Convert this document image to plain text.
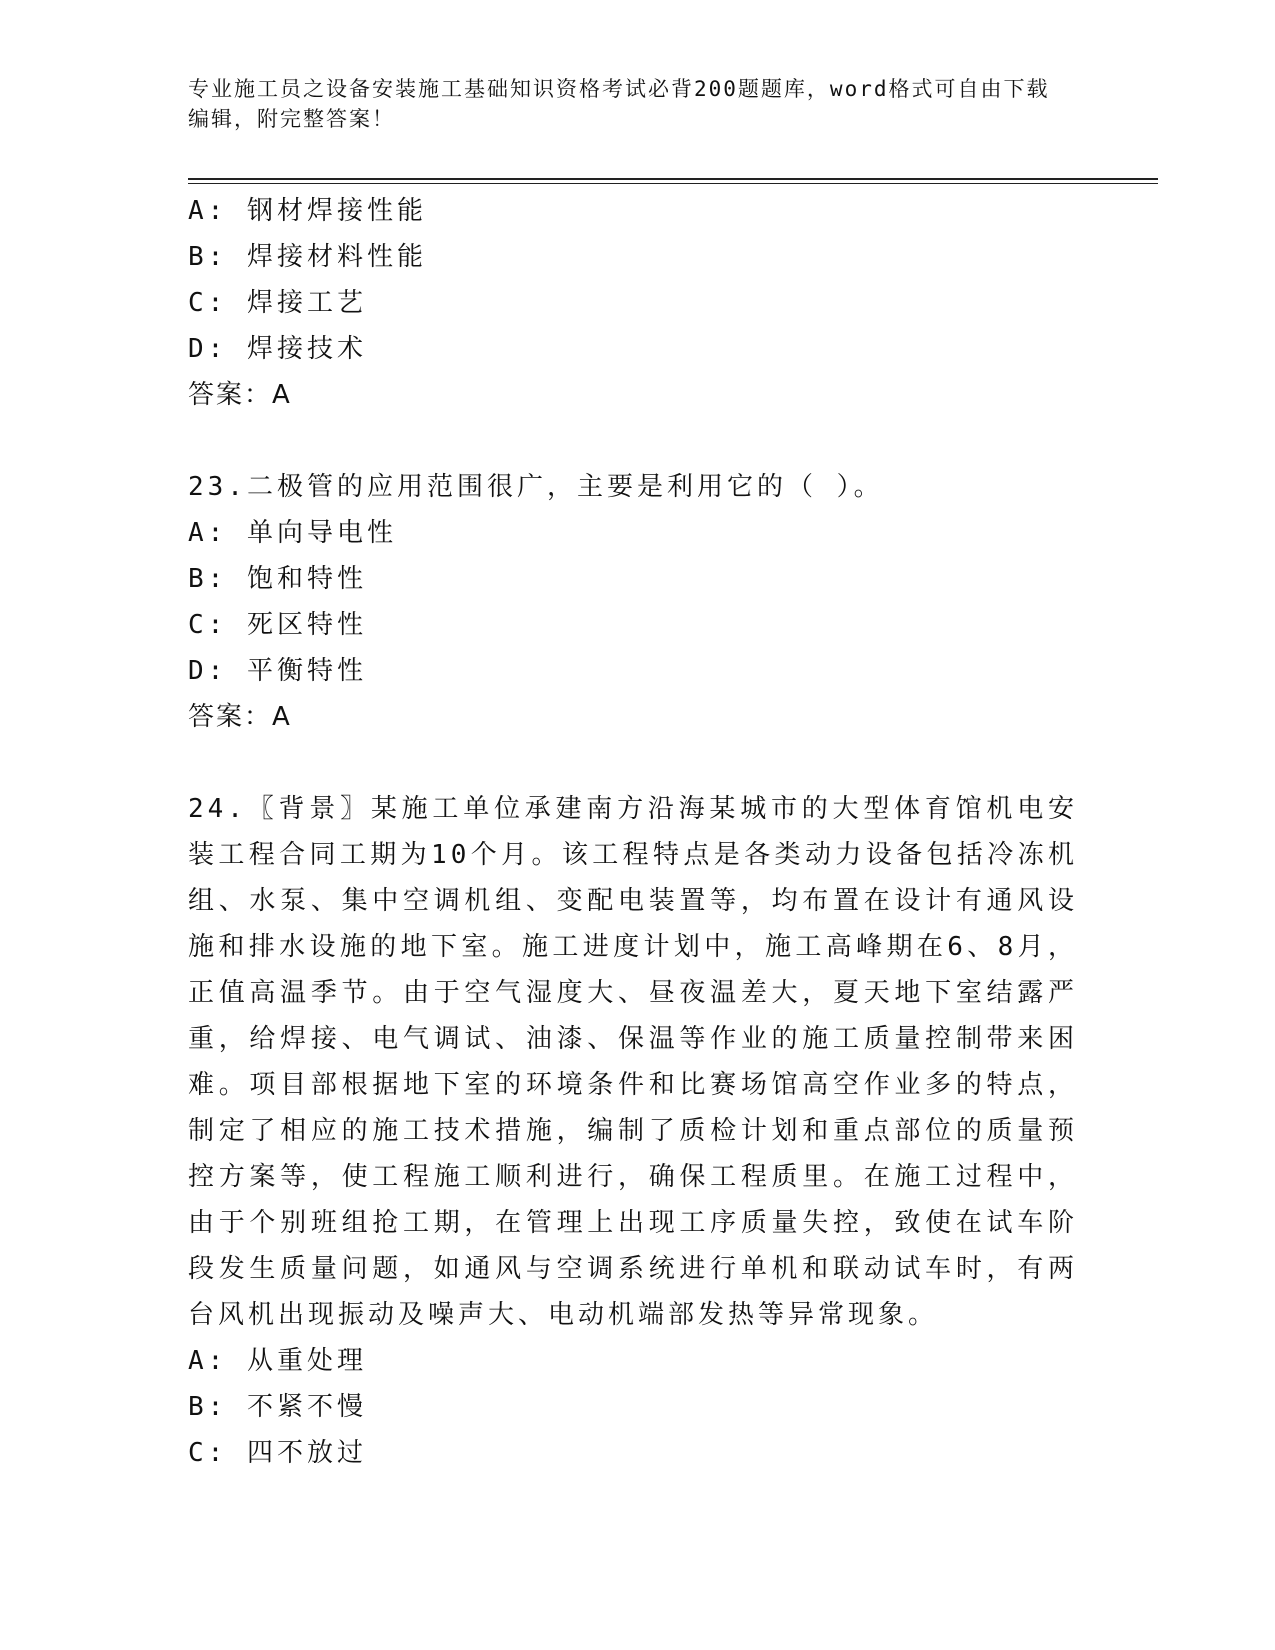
专业施工员之设备安装施工基础知识资格考试必背200题题库，word格式可自由下载编辑，附完整答案！
A: 钢材焊接性能
B: 焊接材料性能
C: 焊接工艺
D: 焊接技术
答案：A
23.二极管的应用范围很广，主要是利用它的（ ）。
A: 单向导电性
B: 饱和特性
C: 死区特性
D: 平衡特性
答案：A
24.〖背景〗某施工单位承建南方沿海某城市的大型体育馆机电安装工程合同工期为10个月。该工程特点是各类动力设备包括冷冻机组、水泵、集中空调机组、变配电装置等，均布置在设计有通风设施和排水设施的地下室。施工进度计划中，施工高峰期在6、8月，正值高温季节。由于空气湿度大、昼夜温差大，夏天地下室结露严重，给焊接、电气调试、油漆、保温等作业的施工质量控制带来困难。项目部根据地下室的环境条件和比赛场馆高空作业多的特点，制定了相应的施工技术措施，编制了质检计划和重点部位的质量预控方案等，使工程施工顺利进行，确保工程质里。在施工过程中，由于个别班组抢工期，在管理上出现工序质量失控，致使在试车阶段发生质量问题，如通风与空调系统进行单机和联动试车时，有两台风机出现振动及噪声大、电动机端部发热等异常现象。
A: 从重处理
B: 不紧不慢
C: 四不放过
